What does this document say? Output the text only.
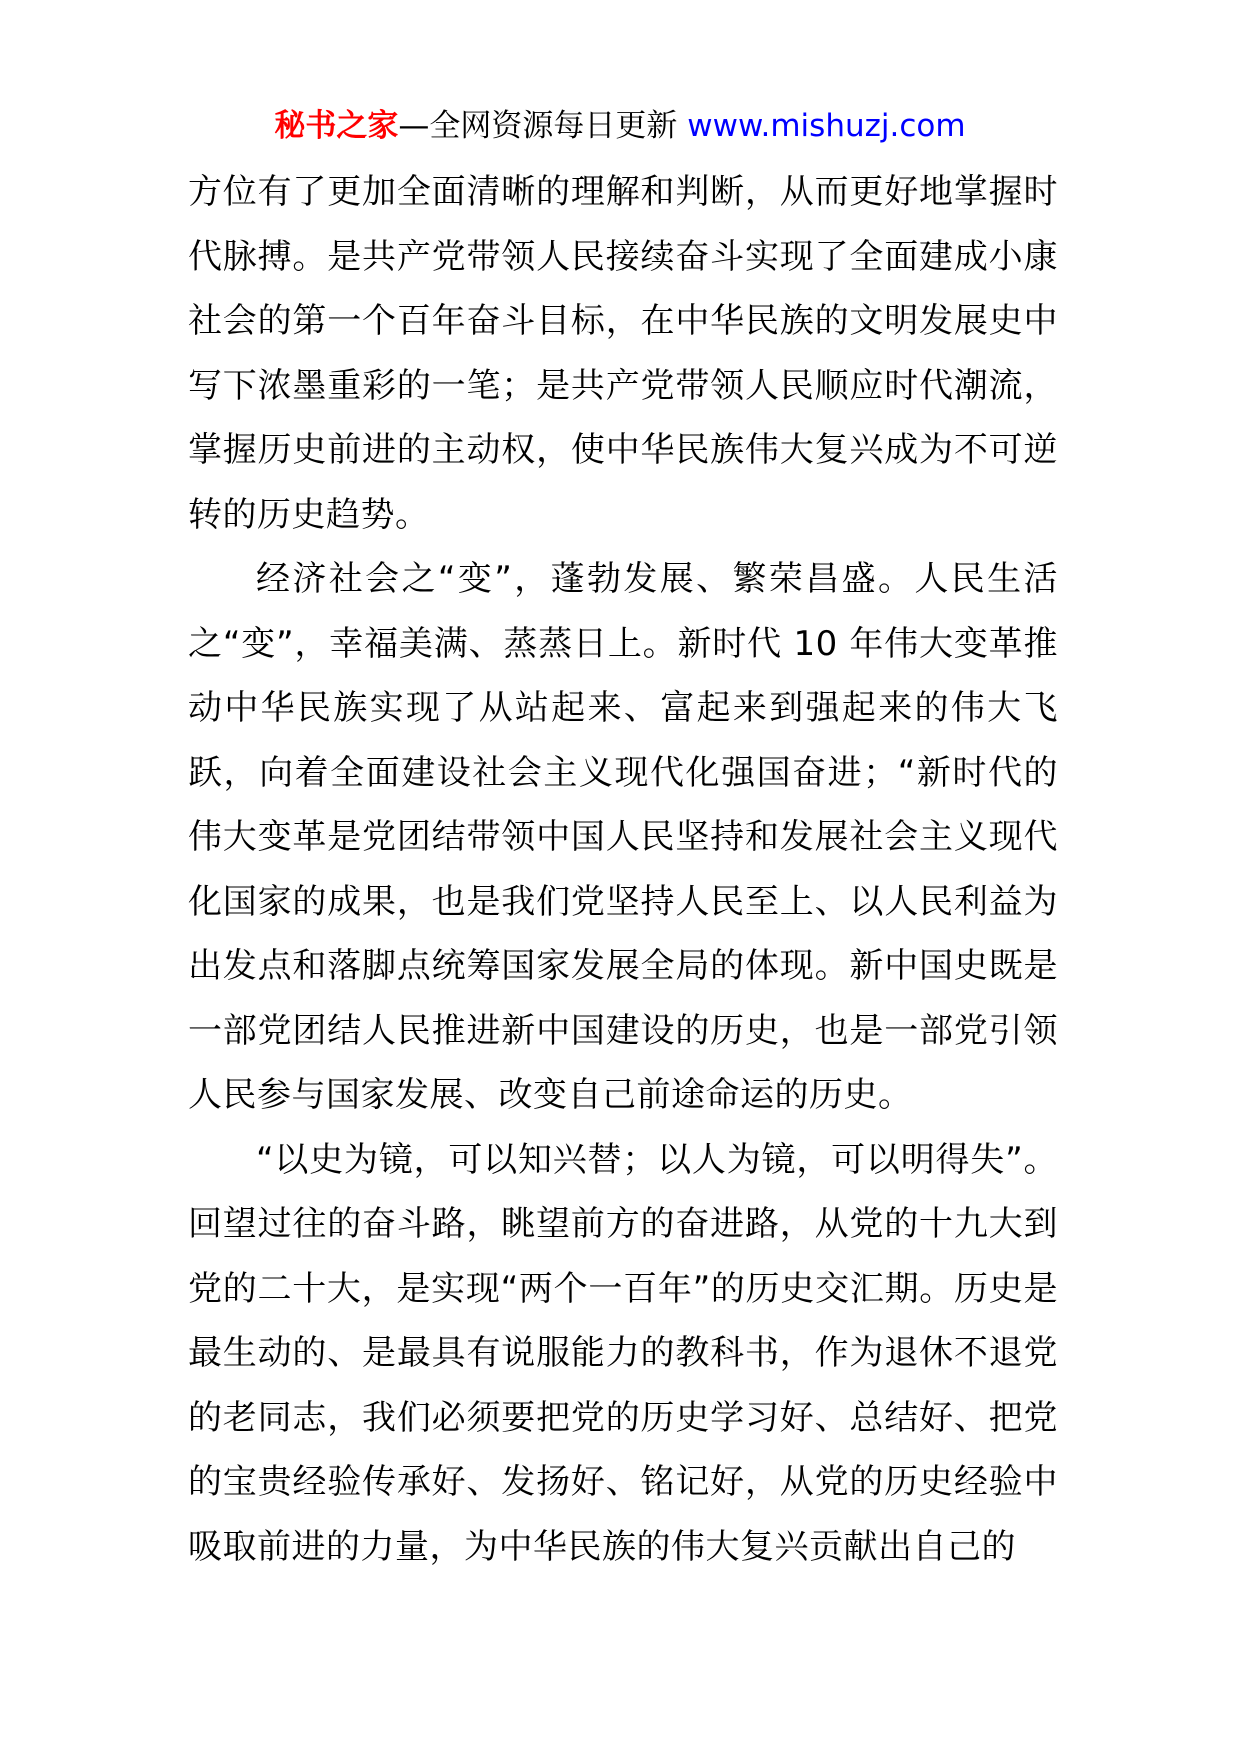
秘书之家—全网资源每日更新 www.mishuzj.com

方位有了更加全面清晰的理解和判断，从而更好地掌握时代脉搏。是共产党带领人民接续奋斗实现了全面建成小康社会的第一个百年奋斗目标，在中华民族的文明发展史中写下浓墨重彩的一笔；是共产党带领人民顺应时代潮流，掌握历史前进的主动权，使中华民族伟大复兴成为不可逆转的历史趋势。

经济社会之“变”，蓬勃发展、繁荣昌盛。人民生活之“变”，幸福美满、蒸蒸日上。新时代 10 年伟大变革推动中华民族实现了从站起来、富起来到强起来的伟大飞跃，向着全面建设社会主义现代化强国奋进；“新时代的伟大变革是党团结带领中国人民坚持和发展社会主义现代化国家的成果，也是我们党坚持人民至上、以人民利益为出发点和落脚点统筹国家发展全局的体现。新中国史既是一部党团结人民推进新中国建设的历史，也是一部党引领人民参与国家发展、改变自己前途命运的历史。

“以史为镜，可以知兴替；以人为镜，可以明得失”。回望过往的奋斗路，眺望前方的奋进路，从党的十九大到党的二十大，是实现“两个一百年”的历史交汇期。历史是最生动的、是最具有说服能力的教科书，作为退休不退党的老同志，我们必须要把党的历史学习好、总结好、把党的宝贵经验传承好、发扬好、铭记好，从党的历史经验中吸取前进的力量，为中华民族的伟大复兴贡献出自己的
